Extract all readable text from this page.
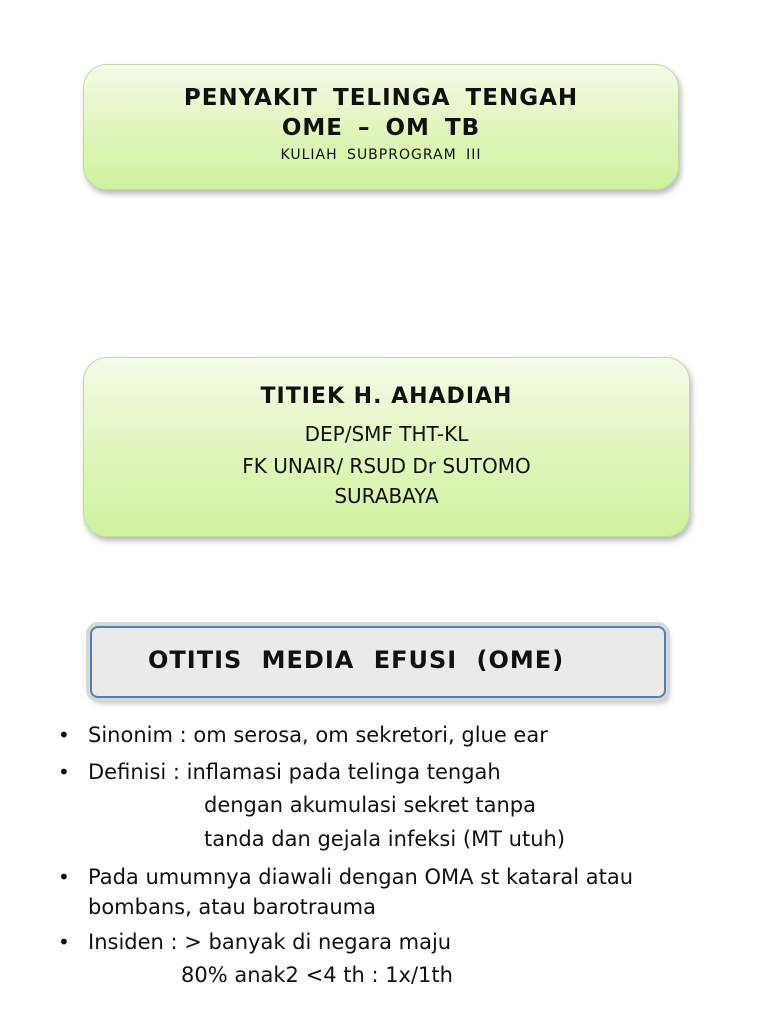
PENYAKIT TELINGA TENGAH
OME – OM TB
KULIAH SUBPROGRAM III
TITIEK H. AHADIAH
DEP/SMF THT-KL
FK UNAIR/ RSUD Dr SUTOMO
SURABAYA
OTITIS MEDIA EFUSI (OME)
• Sinonim : om serosa, om sekretori, glue ear
• Definisi : inflamasi pada telinga tengah
dengan akumulasi sekret tanpa
tanda dan gejala infeksi (MT utuh)
• Pada umumnya diawali dengan OMA st kataral atau
bombans, atau barotrauma
• Insiden : > banyak di negara maju
80% anak2 <4 th : 1x/1th
